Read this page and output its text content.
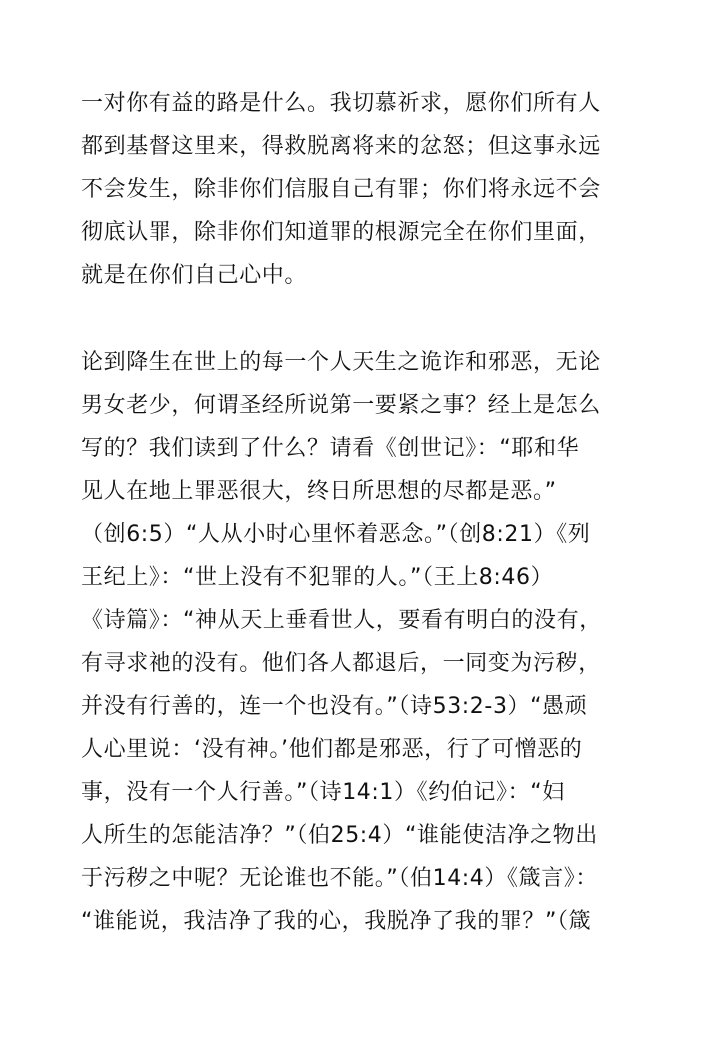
一对你有益的路是什么。我切慕祈求，愿你们所有人
都到基督这里来，得救脱离将来的忿怒；但这事永远
不会发生，除非你们信服自己有罪；你们将永远不会
彻底认罪，除非你们知道罪的根源完全在你们里面，
就是在你们自己心中。
论到降生在世上的每一个人天生之诡诈和邪恶，无论
男女老少，何谓圣经所说第一要紧之事？经上是怎么
写的？我们读到了什么？请看《创世记》：“耶和华
见人在地上罪恶很大，终日所思想的尽都是恶。”
（创6:5）“人从小时心里怀着恶念。”（创8:21）《列
王纪上》：“世上没有不犯罪的人。”（王上8:46）
《诗篇》：“神从天上垂看世人，要看有明白的没有，
有寻求祂的没有。他们各人都退后，一同变为污秽，
并没有行善的，连一个也没有。”（诗53:2-3）“愚顽
人心里说：‘没有神。’他们都是邪恶，行了可憎恶的
事，没有一个人行善。”（诗14:1）《约伯记》：“妇
人所生的怎能洁净？”（伯25:4）“谁能使洁净之物出
于污秽之中呢？无论谁也不能。”（伯14:4）《箴言》：
“谁能说，我洁净了我的心，我脱净了我的罪？”（箴
